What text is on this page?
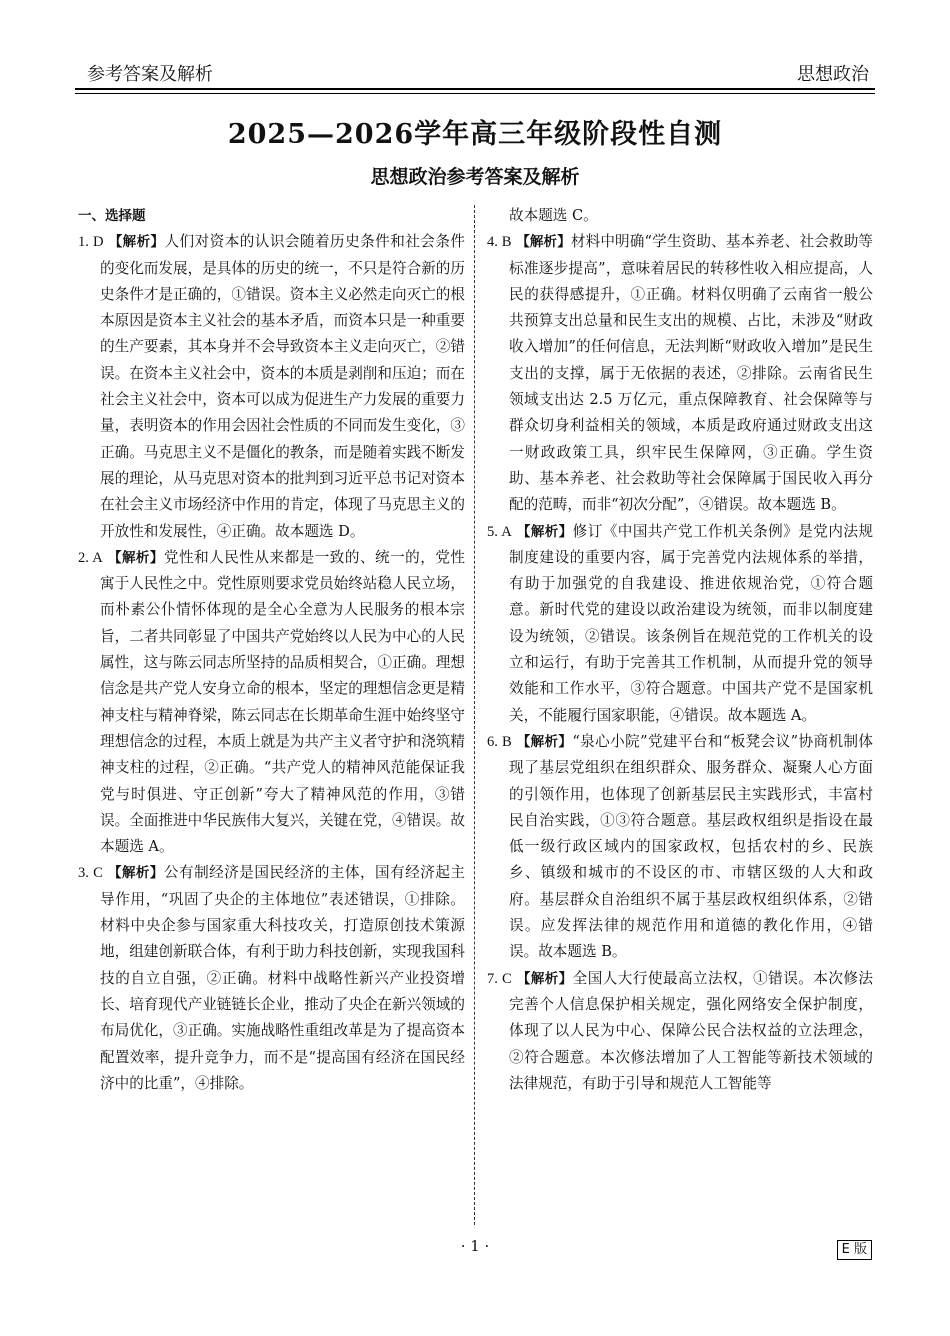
参考答案及解析	思想政治
2025—2026学年高三年级阶段性自测
思想政治参考答案及解析

一、选择题

1. D 【解析】人们对资本的认识会随着历史条件和社会条件的变化而发展，是具体的历史的统一，不只是符合新的历史条件才是正确的，①错误。资本主义必然走向灭亡的根本原因是资本主义社会的基本矛盾，而资本只是一种重要的生产要素，其本身并不会导致资本主义走向灭亡，②错误。在资本主义社会中，资本的本质是剥削和压迫；而在社会主义社会中，资本可以成为促进生产力发展的重要力量，表明资本的作用会因社会性质的不同而发生变化，③正确。马克思主义不是僵化的教条，而是随着实践不断发展的理论，从马克思对资本的批判到习近平总书记对资本在社会主义市场经济中作用的肯定，体现了马克思主义的开放性和发展性，④正确。故本题选 D。

2. A 【解析】党性和人民性从来都是一致的、统一的，党性寓于人民性之中。党性原则要求党员始终站稳人民立场，而朴素公仆情怀体现的是全心全意为人民服务的根本宗旨，二者共同彰显了中国共产党始终以人民为中心的人民属性，这与陈云同志所坚持的品质相契合，①正确。理想信念是共产党人安身立命的根本，坚定的理想信念更是精神支柱与精神脊梁，陈云同志在长期革命生涯中始终坚守理想信念的过程，本质上就是为共产主义者守护和浇筑精神支柱的过程，②正确。“共产党人的精神风范能保证我党与时俱进、守正创新”夸大了精神风范的作用，③错误。全面推进中华民族伟大复兴，关键在党，④错误。故本题选 A。

3. C 【解析】公有制经济是国民经济的主体，国有经济起主导作用，“巩固了央企的主体地位”表述错误，①排除。材料中央企参与国家重大科技攻关，打造原创技术策源地，组建创新联合体，有利于助力科技创新，实现我国科技的自立自强，②正确。材料中战略性新兴产业投资增长、培育现代产业链链长企业，推动了央企在新兴领域的布局优化，③正确。实施战略性重组改革是为了提高资本配置效率，提升竞争力，而不是“提高国有经济在国民经济中的比重”，④排除。

故本题选 C。

4. B 【解析】材料中明确“学生资助、基本养老、社会救助等标准逐步提高”，意味着居民的转移性收入相应提高，人民的获得感提升，①正确。材料仅明确了云南省一般公共预算支出总量和民生支出的规模、占比，未涉及“财政收入增加”的任何信息，无法判断“财政收入增加”是民生支出的支撑，属于无依据的表述，②排除。云南省民生领域支出达 2.5 万亿元，重点保障教育、社会保障等与群众切身利益相关的领域，本质是政府通过财政支出这一财政政策工具，织牢民生保障网，③正确。学生资助、基本养老、社会救助等社会保障属于国民收入再分配的范畴，而非“初次分配”，④错误。故本题选 B。

5. A 【解析】修订《中国共产党工作机关条例》是党内法规制度建设的重要内容，属于完善党内法规体系的举措，有助于加强党的自我建设、推进依规治党，①符合题意。新时代党的建设以政治建设为统领，而非以制度建设为统领，②错误。该条例旨在规范党的工作机关的设立和运行，有助于完善其工作机制，从而提升党的领导效能和工作水平，③符合题意。中国共产党不是国家机关，不能履行国家职能，④错误。故本题选 A。

6. B 【解析】“泉心小院”党建平台和“板凳会议”协商机制体现了基层党组织在组织群众、服务群众、凝聚人心方面的引领作用，也体现了创新基层民主实践形式，丰富村民自治实践，①③符合题意。基层政权组织是指设在最低一级行政区域内的国家政权，包括农村的乡、民族乡、镇级和城市的不设区的市、市辖区级的人大和政府。基层群众自治组织不属于基层政权组织体系，②错误。应发挥法律的规范作用和道德的教化作用，④错误。故本题选 B。

7. C 【解析】全国人大行使最高立法权，①错误。本次修法完善个人信息保护相关规定，强化网络安全保护制度，体现了以人民为中心、保障公民合法权益的立法理念，②符合题意。本次修法增加了人工智能等新技术领域的法律规范，有助于引导和规范人工智能等

· 1 ·	E 版
